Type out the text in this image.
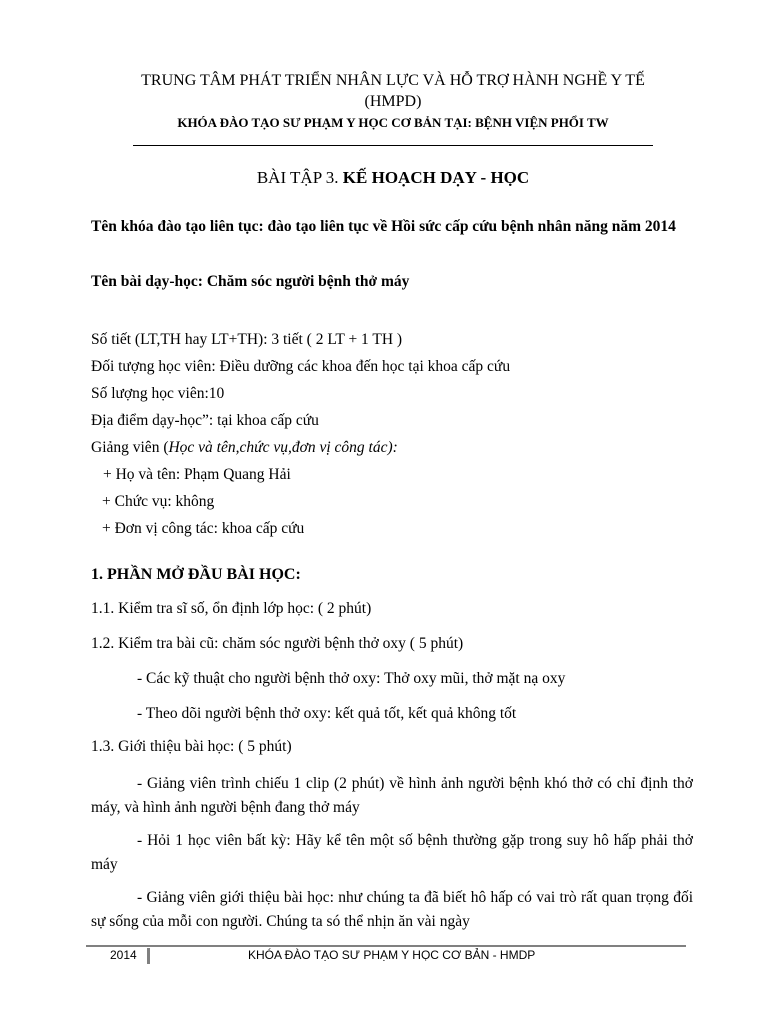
TRUNG TÂM PHÁT TRIỂN NHÂN LỰC VÀ HỖ TRỢ HÀNH NGHỀ Y TẾ
(HMPD)
KHÓA ĐÀO TẠO SƯ PHẠM Y HỌC CƠ BẢN TẠI: BỆNH VIỆN PHỔI TW
BÀI TẬP 3. KẾ HOẠCH DẠY - HỌC
Tên khóa đào tạo liên tục: đào tạo liên tục về Hồi sức cấp cứu bệnh nhân năng năm 2014
Tên bài dạy-học: Chăm sóc người bệnh thở máy
Số tiết (LT,TH hay LT+TH): 3 tiết ( 2 LT + 1 TH )
Đối tượng học viên: Điều dưỡng các khoa đến học tại khoa cấp cứu
Số lượng học viên:10
Địa điểm dạy-học”: tại khoa cấp cứu
Giảng viên (Học và tên,chức vụ,đơn vị công tác):
+ Họ và tên: Phạm Quang Hải
+ Chức vụ: không
+ Đơn vị công tác: khoa cấp cứu
1. PHẦN MỞ ĐẦU BÀI HỌC:
1.1. Kiểm tra sĩ số, ổn định lớp học: ( 2 phút)
1.2. Kiểm tra bài cũ: chăm sóc người bệnh thở oxy ( 5 phút)
- Các kỹ thuật cho người bệnh thở oxy: Thở oxy mũi, thở mặt nạ oxy
- Theo dõi người bệnh thở oxy: kết quả tốt, kết quả không tốt
1.3. Giới thiệu bài học: ( 5 phút)
- Giảng viên trình chiếu 1 clip (2 phút) về hình ảnh người bệnh khó thở có chỉ định thở máy, và hình ảnh người bệnh đang thở máy
- Hỏi 1 học viên bất kỳ: Hãy kể tên một số bệnh thường gặp trong suy hô hấp phải thở máy
- Giảng viên giới thiệu bài học: như chúng ta đã biết hô hấp có vai trò rất quan trọng đối sự sống của mỗi con người. Chúng ta só thể nhịn ăn vài ngày
2014	KHÓA ĐÀO TẠO SƯ PHẠM Y HỌC CƠ BẢN - HMDP
